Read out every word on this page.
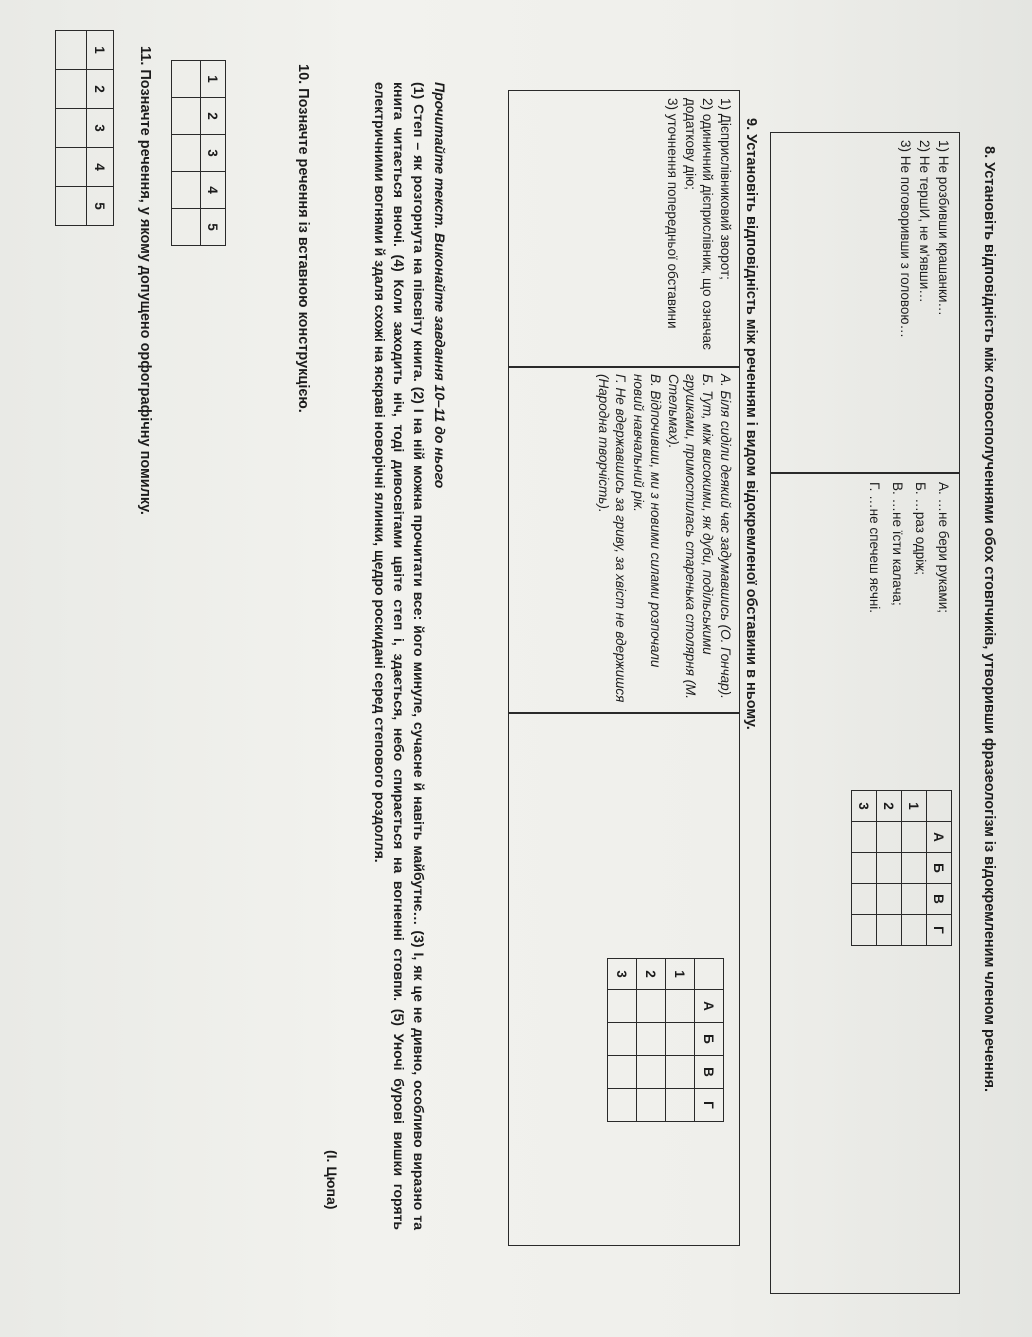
8. Установіть відповідність між словосполученнями обох стовпчиків, утворивши фразеологізм із відокремленим членом речення.
1) Не розбивши крашанки…
2) Не тершИ, не м'явши…
3) Не поговоривши з головою…
А. …не бери руками;
Б. …раз одріж;
В. …не їсти калача;
Г. …не спечеш яєчні.
	А	Б	В	Г
1				
2				
3				
9. Установіть відповідність між реченням і видом відокремленої обставини в ньому.
1) Дієприслівниковий зворот;
2) одиничний дієприслівник, що означає додаткову дію;
3) уточнення попередньої обставини
А. Біля сиділи деякий час задумавшись (О. Гончар).
Б. Тут, між високими, як дуби, подільськими грушками, примостилась старенька столярня (М. Стельмах).
В. Відпочивши, ми з новими силами розпочали новий навчальний рік.
Г. Не вдержавшись за гриву, за хвіст не вдержишся (Народна творчість).
	А	Б	В	Г
1				
2				
3				
Прочитайте текст. Виконайте завдання 10–11 до нього
(1) Степ – як розгорнута на півсвіту книга. (2) І на ній можна прочитати все: його минуле, сучасне й навіть майбутнє… (3) І, як це не дивно, особливо виразно та книга читається вночі. (4) Коли заходить ніч, тоді дивосвітами цвіте степ і, здається, небо спирається на вогненні стовпи. (5) Уночі бурові вишки горять електричними вогнями й здаля схожі на яскраві новорічні ялинки, щедро роскидані серед степового роздолля.
(І. Цюпа)
10. Позначте речення із вставною конструкцією.
1	2	3	4	5

11. Позначте речення, у якому допущено орфографічну помилку.
1	2	3	4	5
